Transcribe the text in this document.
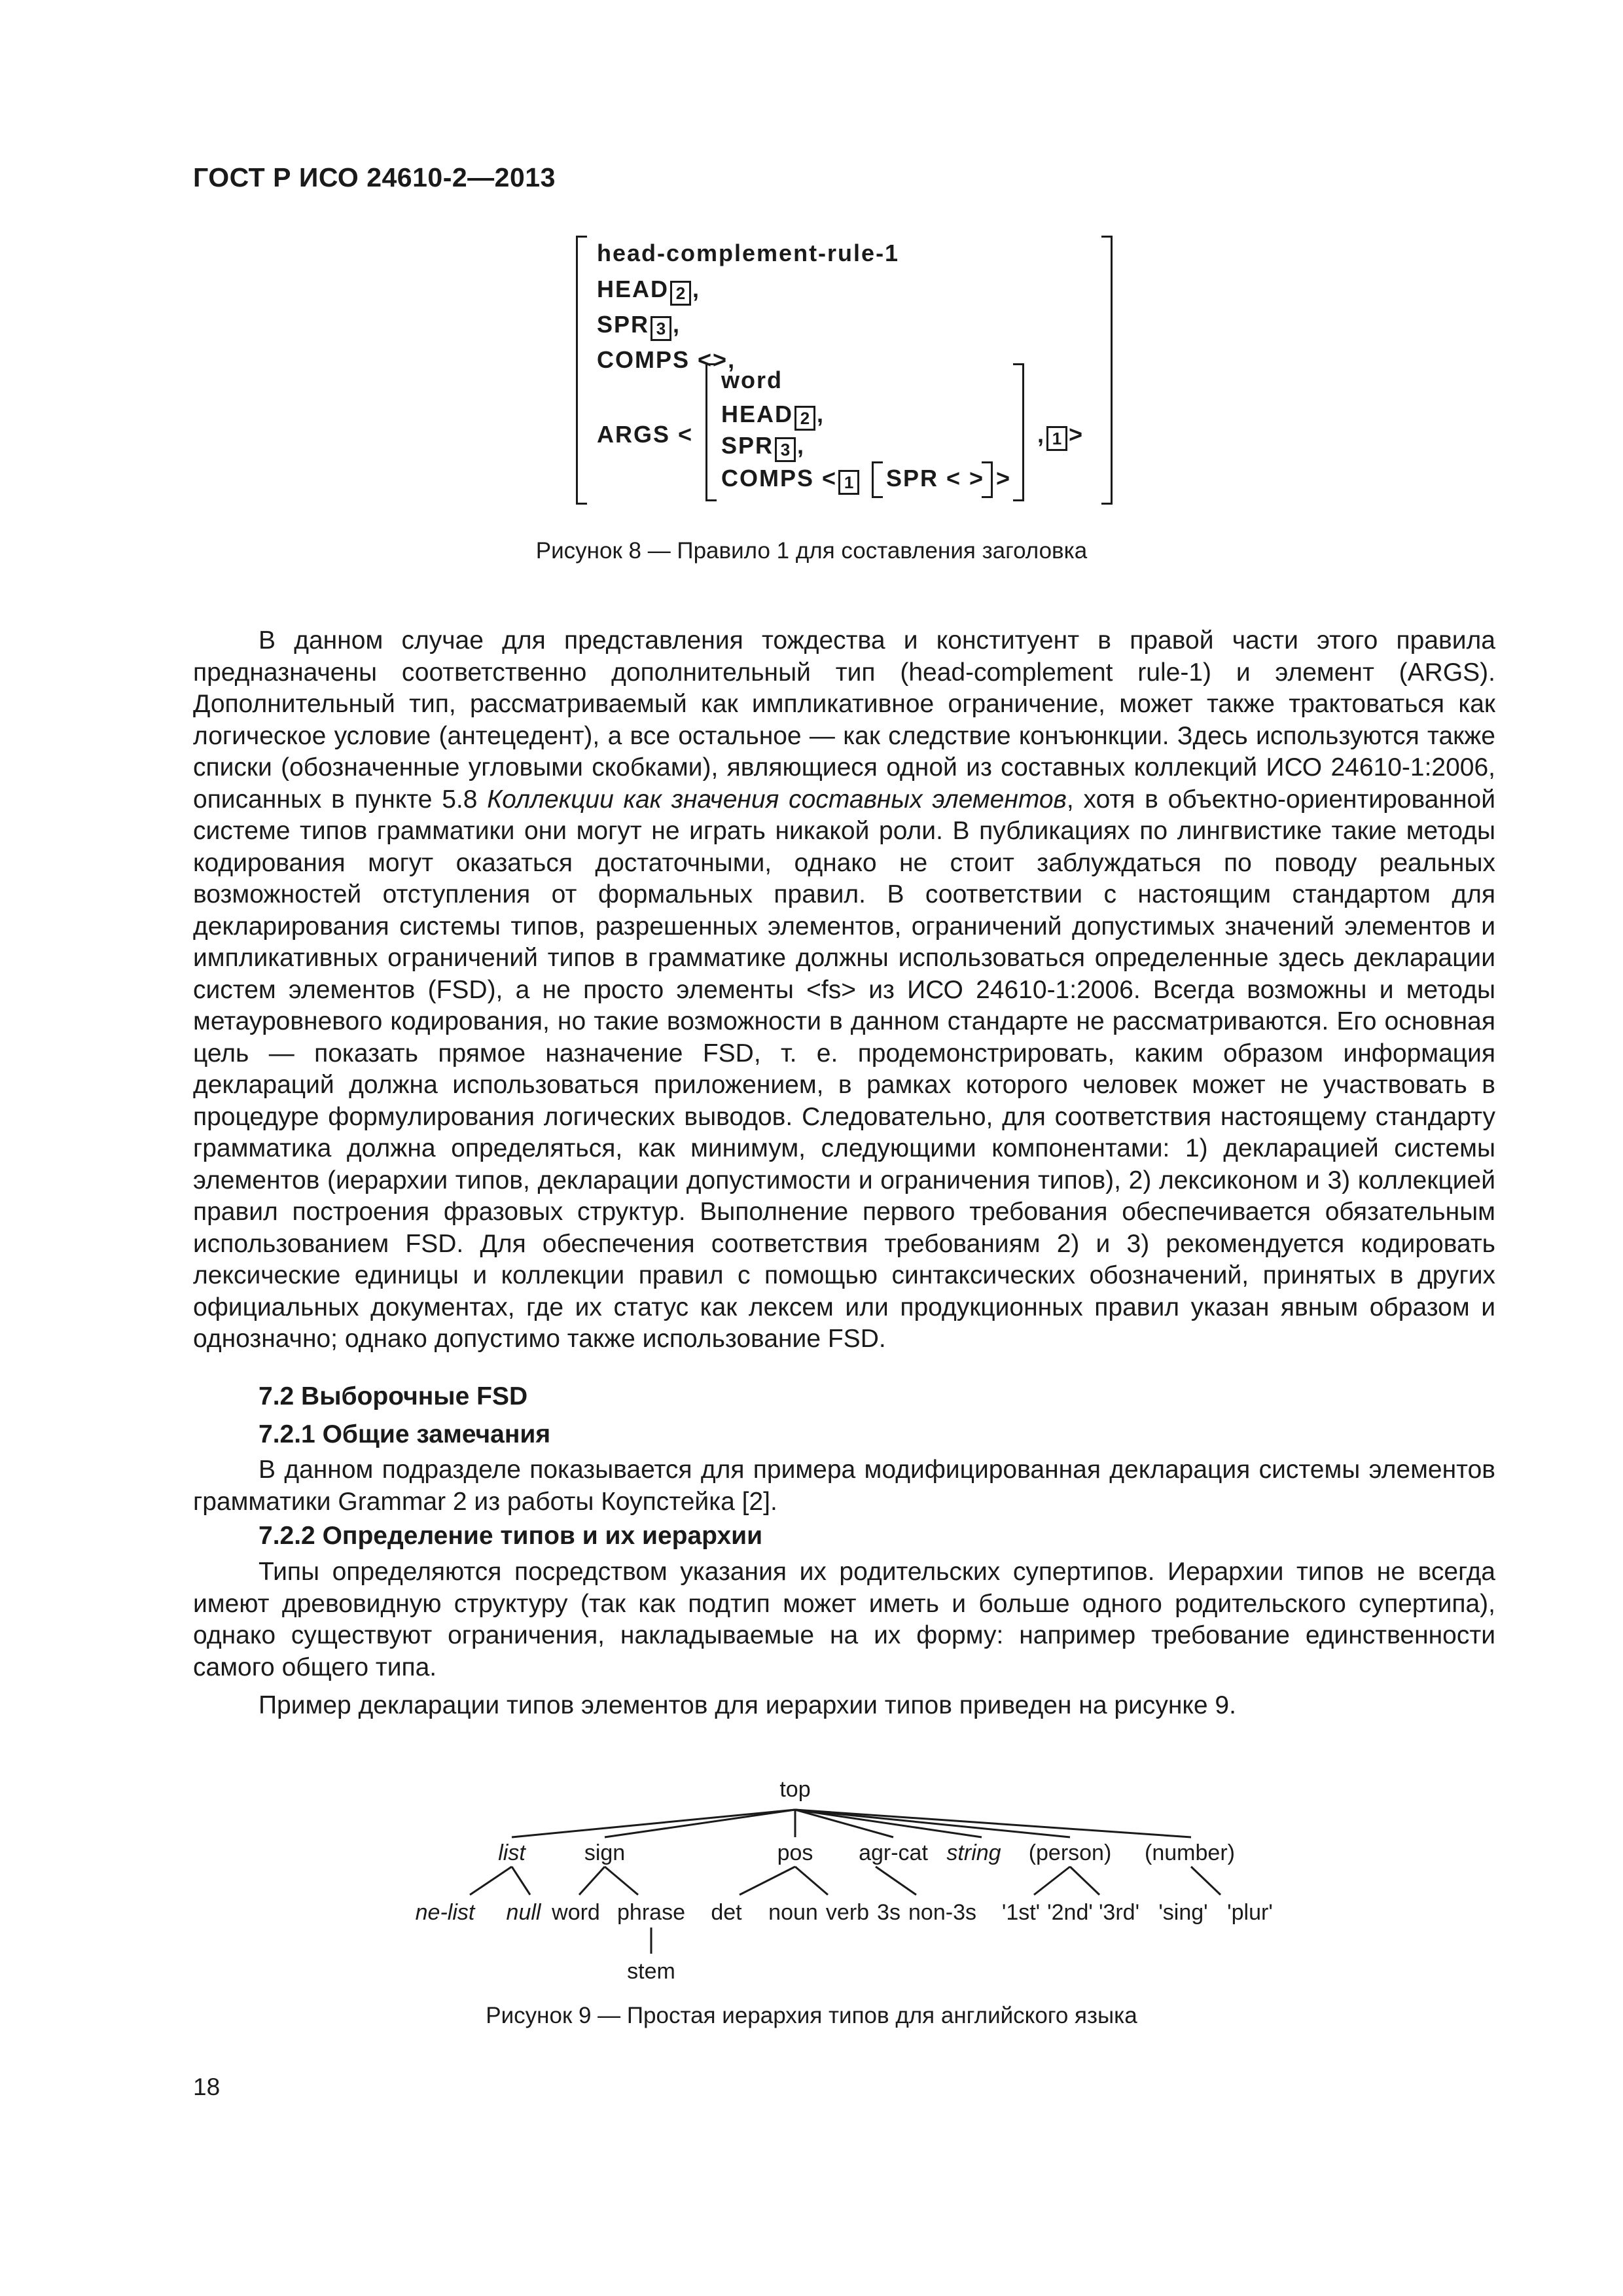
ГОСТ Р ИСО 24610-2—2013
head-complement-rule-1
HEAD 2 ,
SPR 3 ,
COMPS <>,
ARGS <
word
HEAD 2 ,
SPR 3 ,
COMPS < 1 SPR < > >
, 1 >
Рисунок 8 — Правило 1 для составления заголовка

В данном случае для представления тождества и конституент в правой части этого правила предназначены соответственно дополнительный тип (head-complement rule-1) и элемент (ARGS). Дополнительный тип, рассматриваемый как импликативное ограничение, может также трактоваться как логическое условие (антецедент), а все остальное — как следствие конъюнкции. Здесь используются также списки (обозначенные угловыми скобками), являющиеся одной из составных коллекций ИСО 24610-1:2006, описанных в пункте 5.8 Коллекции как значения составных элементов, хотя в объектно-ориентированной системе типов грамматики они могут не играть никакой роли. В публикациях по лингвистике такие методы кодирования могут оказаться достаточными, однако не стоит заблуждаться по поводу реальных возможностей отступления от формальных правил. В соответствии с настоящим стандартом для декларирования системы типов, разрешенных элементов, ограничений допустимых значений элементов и импликативных ограничений типов в грамматике должны использоваться определенные здесь декларации систем элементов (FSD), а не просто элементы <fs> из ИСО 24610-1:2006. Всегда возможны и методы метауровневого кодирования, но такие возможности в данном стандарте не рассматриваются. Его основная цель — показать прямое назначение FSD, т. е. продемонстрировать, каким образом информация деклараций должна использоваться приложением, в рамках которого человек может не участвовать в процедуре формулирования логических выводов. Следовательно, для соответствия настоящему стандарту грамматика должна определяться, как минимум, следующими компонентами: 1) декларацией системы элементов (иерархии типов, декларации допустимости и ограничения типов), 2) лексиконом и 3) коллекцией правил построения фразовых структур. Выполнение первого требования обеспечивается обязательным использованием FSD. Для обеспечения соответствия требованиям 2) и 3) рекомендуется кодировать лексические единицы и коллекции правил с помощью синтаксических обозначений, принятых в других официальных документах, где их статус как лексем или продукционных правил указан явным образом и однозначно; однако допустимо также использование FSD.

7.2 Выборочные FSD
7.2.1 Общие замечания

В данном подразделе показывается для примера модифицированная декларация системы элементов грамматики Grammar 2 из работы Коупстейка [2].

7.2.2 Определение типов и их иерархии

Типы определяются посредством указания их родительских супертипов. Иерархии типов не всегда имеют древовидную структуру (так как подтип может иметь и больше одного родительского супертипа), однако существуют ограничения, накладываемые на их форму: например требование единственности самого общего типа.

Пример декларации типов элементов для иерархии типов приведен на рисунке 9.

top
list	sign	pos agr-cat string (person) (number)
ne-list null word phrase det noun verb 3s non-3s '1st' '2nd' '3rd' 'sing' 'plur'
stem
Рисунок 9 — Простая иерархия типов для английского языка
18
